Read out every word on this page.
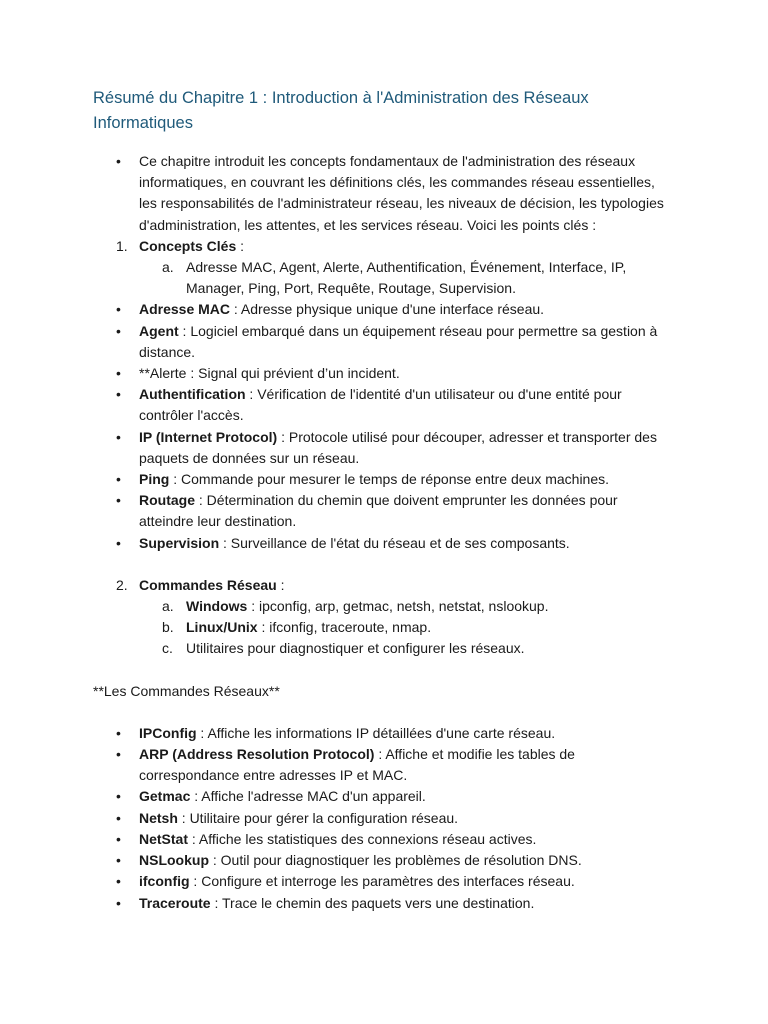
Résumé du Chapitre 1 : Introduction à l'Administration des Réseaux Informatiques
• Ce chapitre introduit les concepts fondamentaux de l'administration des réseaux informatiques, en couvrant les définitions clés, les commandes réseau essentielles, les responsabilités de l'administrateur réseau, les niveaux de décision, les typologies d'administration, les attentes, et les services réseau. Voici les points clés :
1. Concepts Clés :
a. Adresse MAC, Agent, Alerte, Authentification, Événement, Interface, IP, Manager, Ping, Port, Requête, Routage, Supervision.
• Adresse MAC : Adresse physique unique d'une interface réseau.
• Agent : Logiciel embarqué dans un équipement réseau pour permettre sa gestion à distance.
• **Alerte : Signal qui prévient d’un incident.
• Authentification : Vérification de l'identité d'un utilisateur ou d'une entité pour contrôler l'accès.
• IP (Internet Protocol) : Protocole utilisé pour découper, adresser et transporter des paquets de données sur un réseau.
• Ping : Commande pour mesurer le temps de réponse entre deux machines.
• Routage : Détermination du chemin que doivent emprunter les données pour atteindre leur destination.
• Supervision : Surveillance de l'état du réseau et de ses composants.
2. Commandes Réseau :
a. Windows : ipconfig, arp, getmac, netsh, netstat, nslookup.
b. Linux/Unix : ifconfig, traceroute, nmap.
c. Utilitaires pour diagnostiquer et configurer les réseaux.
**Les Commandes Réseaux**
• IPConfig : Affiche les informations IP détaillées d'une carte réseau.
• ARP (Address Resolution Protocol) : Affiche et modifie les tables de correspondance entre adresses IP et MAC.
• Getmac : Affiche l'adresse MAC d'un appareil.
• Netsh : Utilitaire pour gérer la configuration réseau.
• NetStat : Affiche les statistiques des connexions réseau actives.
• NSLookup : Outil pour diagnostiquer les problèmes de résolution DNS.
• ifconfig : Configure et interroge les paramètres des interfaces réseau.
• Traceroute : Trace le chemin des paquets vers une destination.
